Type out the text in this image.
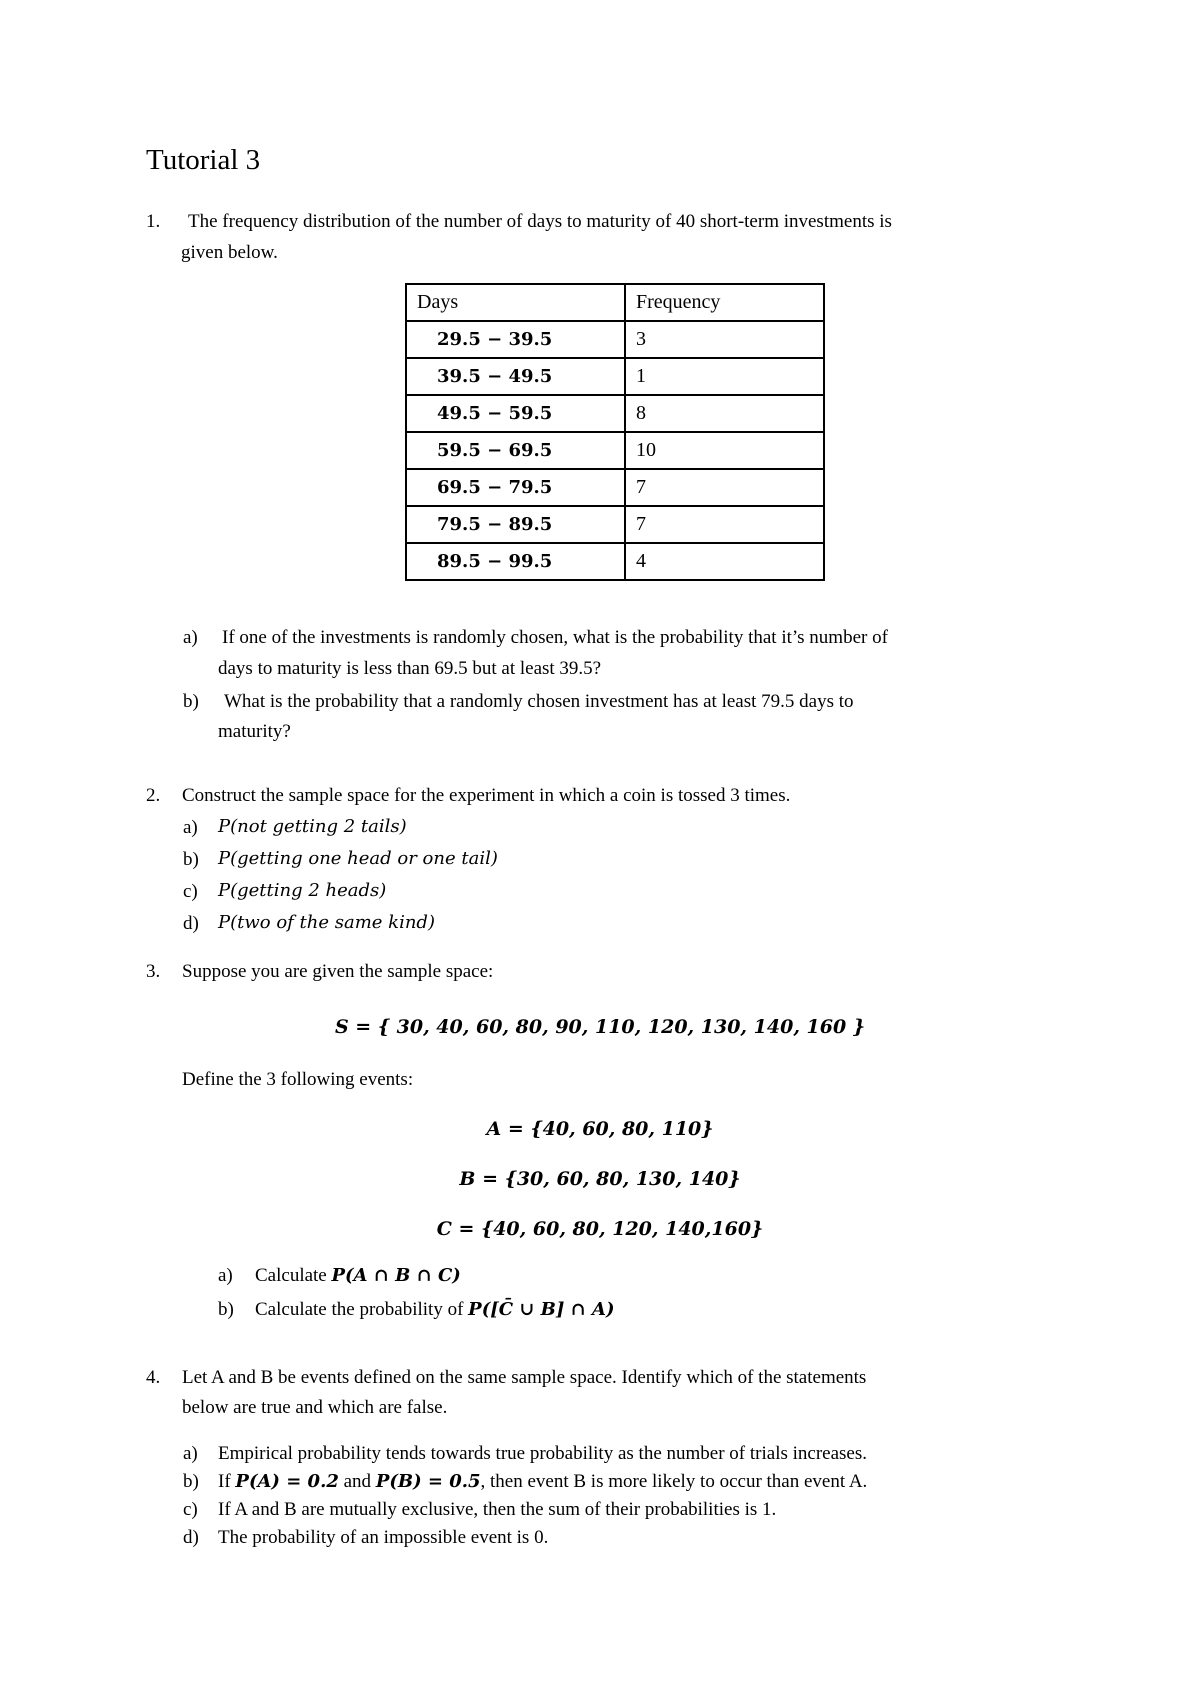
Tutorial 3
1. The frequency distribution of the number of days to maturity of 40 short-term investments is
given below.
Days	Frequency
29.5 − 39.5	3
39.5 − 49.5	1
49.5 − 59.5	8
59.5 − 69.5	10
69.5 − 79.5	7
79.5 − 89.5	7
89.5 − 99.5	4
a) If one of the investments is randomly chosen, what is the probability that it’s number of
days to maturity is less than 69.5 but at least 39.5?
b) What is the probability that a randomly chosen investment has at least 79.5 days to
maturity?
2. Construct the sample space for the experiment in which a coin is tossed 3 times.
a) P(not getting 2 tails)
b) P(getting one head or one tail)
c) P(getting 2 heads)
d) P(two of the same kind)
3. Suppose you are given the sample space:
S = { 30, 40, 60, 80, 90, 110, 120, 130, 140, 160 }
Define the 3 following events:
A = {40, 60, 80, 110}
B = {30, 60, 80, 130, 140}
C = {40, 60, 80, 120, 140,160}
a) Calculate P(A ∩ B ∩ C)
b) Calculate the probability of P([C̄ ∪ B] ∩ A)
4. Let A and B be events defined on the same sample space. Identify which of the statements
below are true and which are false.
a) Empirical probability tends towards true probability as the number of trials increases.
b) If P(A) = 0.2 and P(B) = 0.5, then event B is more likely to occur than event A.
c) If A and B are mutually exclusive, then the sum of their probabilities is 1.
d) The probability of an impossible event is 0.
